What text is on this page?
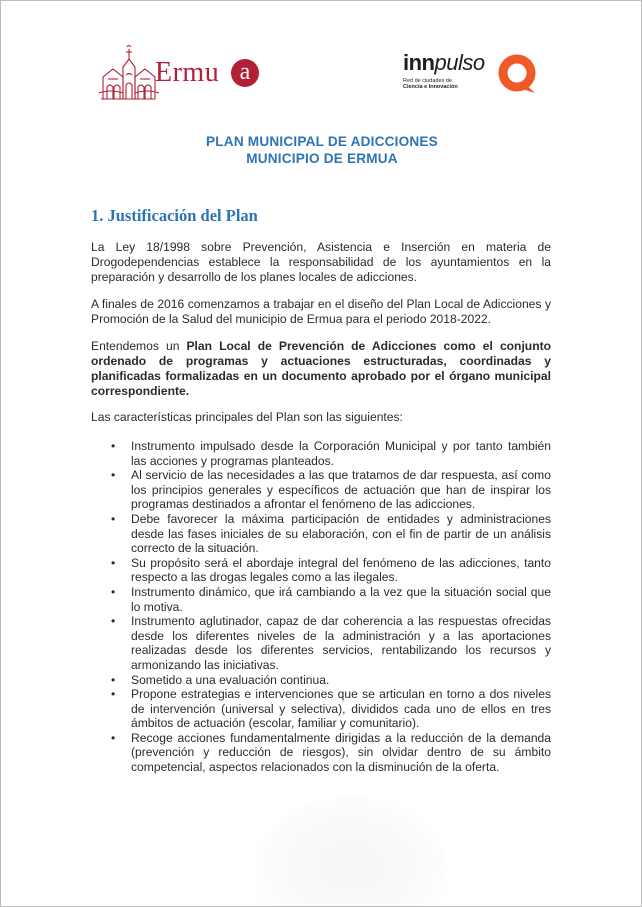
Ermu a	innpulso
Red de ciudades de
Ciencia e Innovación
PLAN MUNICIPAL DE ADICCIONES
MUNICIPIO DE ERMUA
1. Justificación del Plan
La Ley 18/1998 sobre Prevención, Asistencia e Inserción en materia de Drogodependencias establece la responsabilidad de los ayuntamientos en la preparación y desarrollo de los planes locales de adicciones.
A finales de 2016 comenzamos a trabajar en el diseño del Plan Local de Adicciones y Promoción de la Salud del municipio de Ermua para el periodo 2018-2022.
Entendemos un Plan Local de Prevención de Adicciones como el conjunto ordenado de programas y actuaciones estructuradas, coordinadas y planificadas formalizadas en un documento aprobado por el órgano municipal correspondiente.
Las características principales del Plan son las siguientes:
• Instrumento impulsado desde la Corporación Municipal y por tanto también las acciones y programas planteados.
• Al servicio de las necesidades a las que tratamos de dar respuesta, así como los principios generales y específicos de actuación que han de inspirar los programas destinados a afrontar el fenómeno de las adicciones.
• Debe favorecer la máxima participación de entidades y administraciones desde las fases iniciales de su elaboración, con el fin de partir de un análisis correcto de la situación.
• Su propósito será el abordaje integral del fenómeno de las adicciones, tanto respecto a las drogas legales como a las ilegales.
• Instrumento dinámico, que irá cambiando a la vez que la situación social que lo motiva.
• Instrumento aglutinador, capaz de dar coherencia a las respuestas ofrecidas desde los diferentes niveles de la administración y a las aportaciones realizadas desde los diferentes servicios, rentabilizando los recursos y armonizando las iniciativas.
• Sometido a una evaluación continua.
• Propone estrategias e intervenciones que se articulan en torno a dos niveles de intervención (universal y selectiva), divididos cada uno de ellos en tres ámbitos de actuación (escolar, familiar y comunitario).
• Recoge acciones fundamentalmente dirigidas a la reducción de la demanda (prevención y reducción de riesgos), sin olvidar dentro de su ámbito competencial, aspectos relacionados con la disminución de la oferta.
